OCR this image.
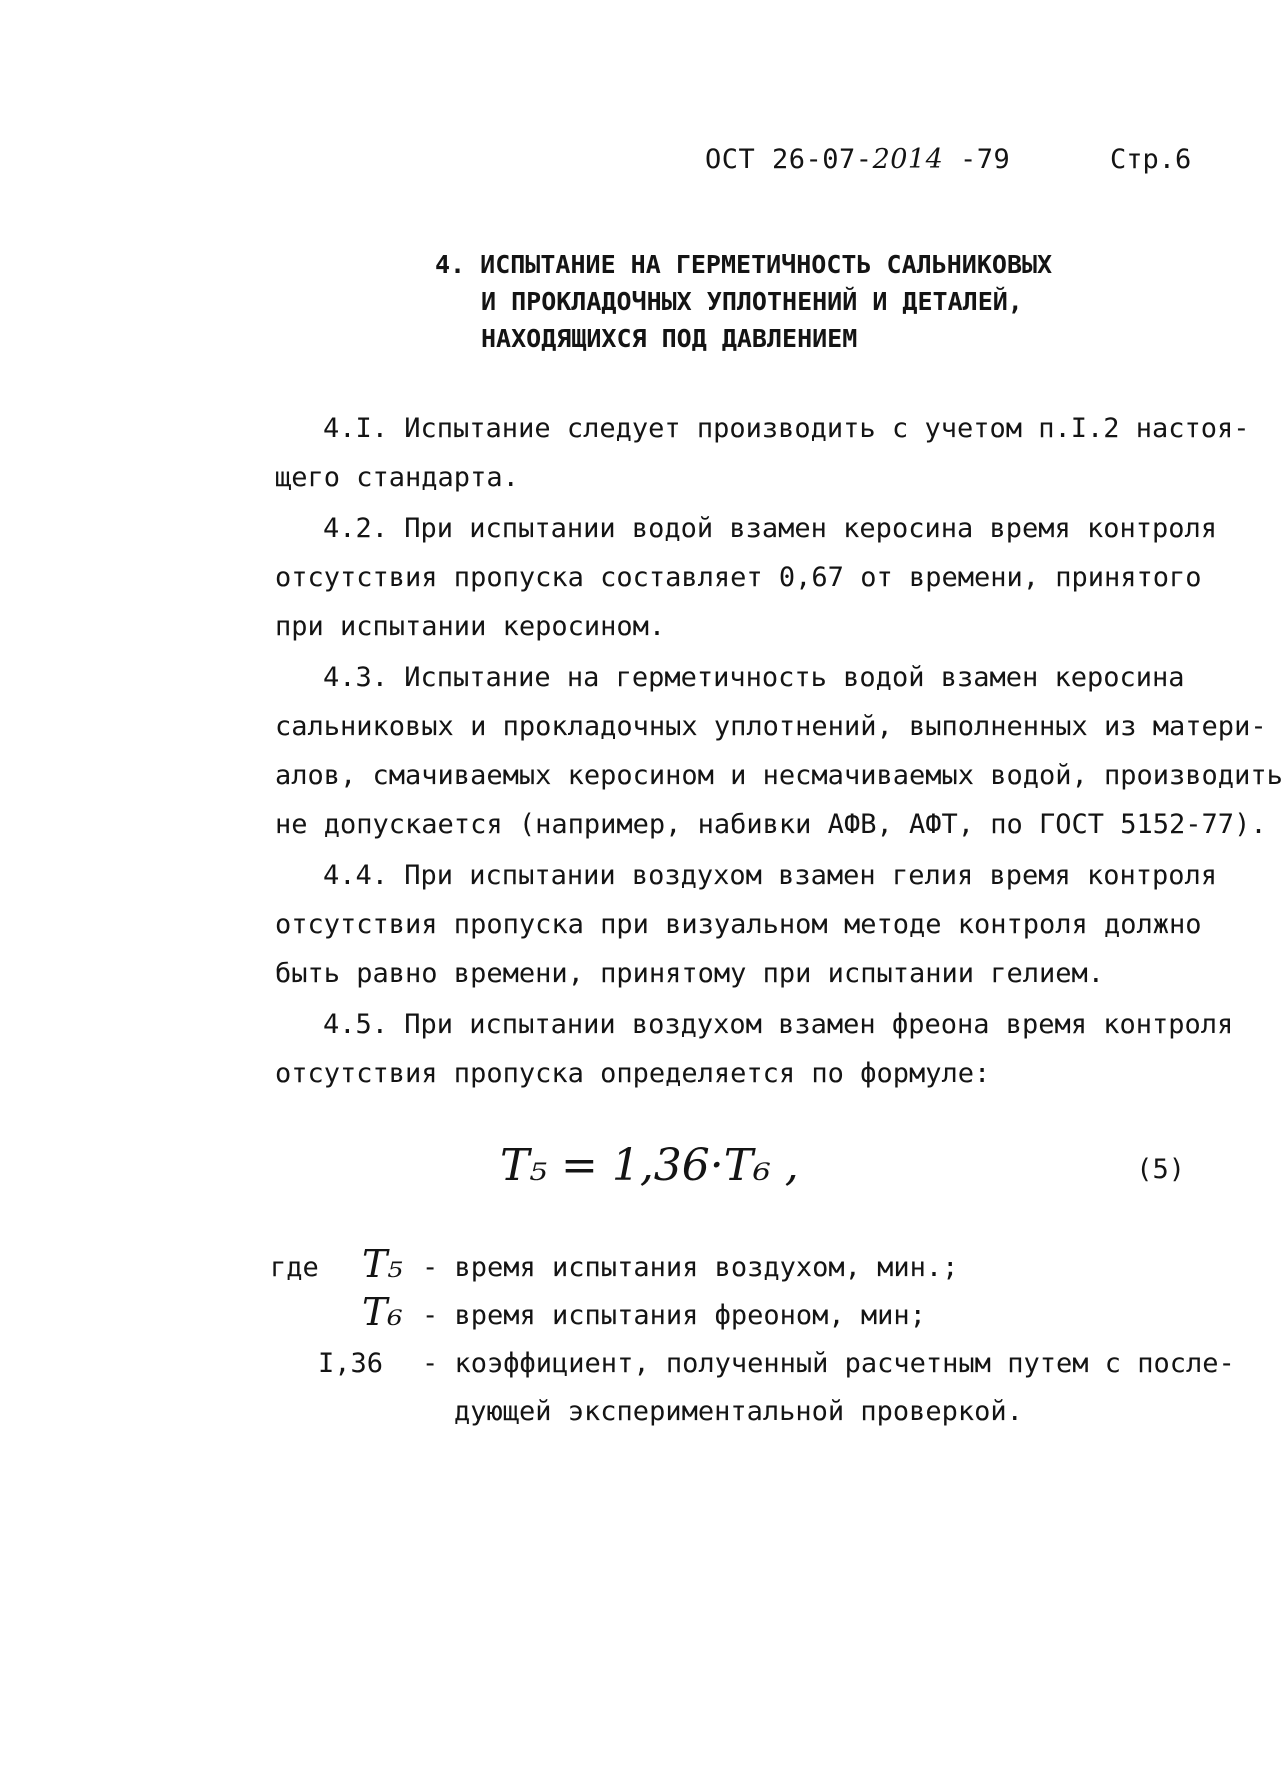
ОСТ 26-07-2014 -79	Стр.6
4. ИСПЫТАНИЕ НА ГЕРМЕТИЧНОСТЬ САЛЬНИКОВЫХ
И ПРОКЛАДОЧНЫХ УПЛОТНЕНИЙ И ДЕТАЛЕЙ,
НАХОДЯЩИХСЯ ПОД ДАВЛЕНИЕМ
4.I. Испытание следует производить с учетом п.I.2 настоя-
щего стандарта.
4.2. При испытании водой взамен керосина время контроля
отсутствия пропуска составляет 0,67 от времени, принятого
при испытании керосином.
4.3. Испытание на герметичность водой взамен керосина
сальниковых и прокладочных уплотнений, выполненных из матери-
алов, смачиваемых керосином и несмачиваемых водой, производить
не допускается (например, набивки АФВ, АФТ, по ГОСТ 5152-77).
4.4. При испытании воздухом взамен гелия время контроля
отсутствия пропуска при визуальном методе контроля должно
быть равно времени, принятому при испытании гелием.
4.5. При испытании воздухом взамен фреона время контроля
отсутствия пропуска определяется по формуле:
T₅ = 1,36·T₆ ,	(5)
где T₅ - время испытания воздухом, мин.;
T₆ - время испытания фреоном, мин;
I,36 - коэффициент, полученный расчетным путем с после-
дующей экспериментальной проверкой.
